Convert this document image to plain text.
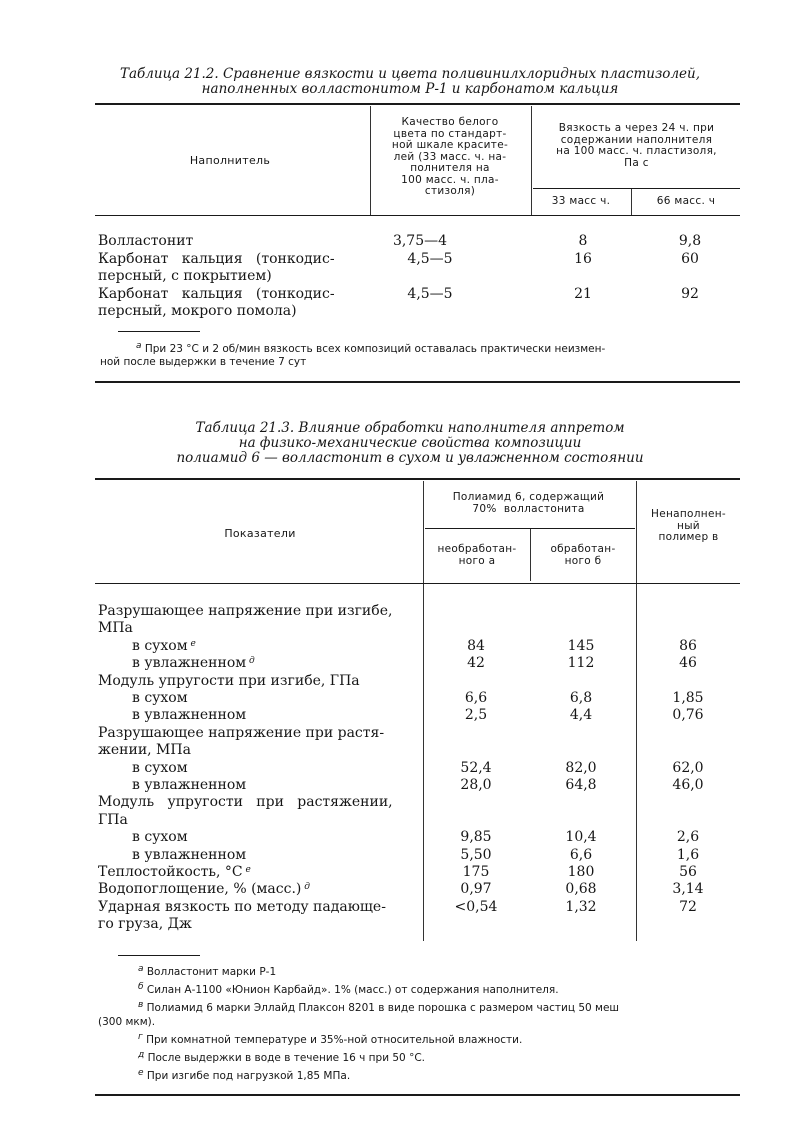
Таблица 21.2. Сравнение вязкости и цвета поливинилхлоридных пластизолей,
наполненных волластонитом Р-1 и карбонатом кальция
Наполнитель
Качество белого
цвета по стандарт-
ной шкале красите-
лей (33 масс. ч. на-
полнителя на
100 масс. ч. пла-
стизоля)
Вязкость а через 24 ч. при
содержании наполнителя
на 100 масс. ч. пластизоля,
Па с
33 масс ч.	66 масс. ч
Волластонит	3,75—4	8	9,8
Карбонат   кальция   (тонкодис-
персный, с покрытием)
4,5—5	16	60
Карбонат   кальция   (тонкодис-
персный, мокрого помола)
4,5—5	21	92
$^а$ При 23 °С и 2 об/мин вязкость всех композиций оставалась практически неизмен-
ной после выдержки в течение 7 сут
Таблица 21.3. Влияние обработки наполнителя аппретом
на физико-механические свойства композиции
полиамид 6 — волластонит в сухом и увлажненном состоянии
Показатели
Полиамид 6, содержащий
70%  волластонита
необработан-
ного а
обработан-
ного б
Ненаполнен-
ный
полимер в
Разрушающее напряжение при изгибе,
МПа
в сухом $^е$	84	145	86
в увлажненном $^д$	42	112	46
Модуль упругости при изгибе, ГПа
в сухом	6,6	6,8	1,85
в увлажненном	2,5	4,4	0,76
Разрушающее напряжение при растя-
жении, МПа
в сухом	52,4	82,0	62,0
в увлажненном	28,0	64,8	46,0
Модуль   упругости   при   растяжении,
ГПа
в сухом	9,85	10,4	2,6
в увлажненном	5,50	6,6	1,6
Теплостойкость, °С $^е$	175	180	56
Водопоглощение, % (масс.) $^д$	0,97	0,68	3,14
Ударная вязкость по методу падающе-	<0,54	1,32	72
го груза, Дж
$^а$ Волластонит марки Р-1
$^б$ Силан А-1100 «Юнион Карбайд». 1% (масс.) от содержания наполнителя.
$^в$ Полиамид 6 марки Эллайд Плаксон 8201 в виде порошка с размером частиц 50 меш
(300 мкм).
$^г$ При комнатной температуре и 35%-ной относительной влажности.
$^д$ После выдержки в воде в течение 16 ч при 50 °С.
$^е$ При изгибе под нагрузкой 1,85 МПа.
